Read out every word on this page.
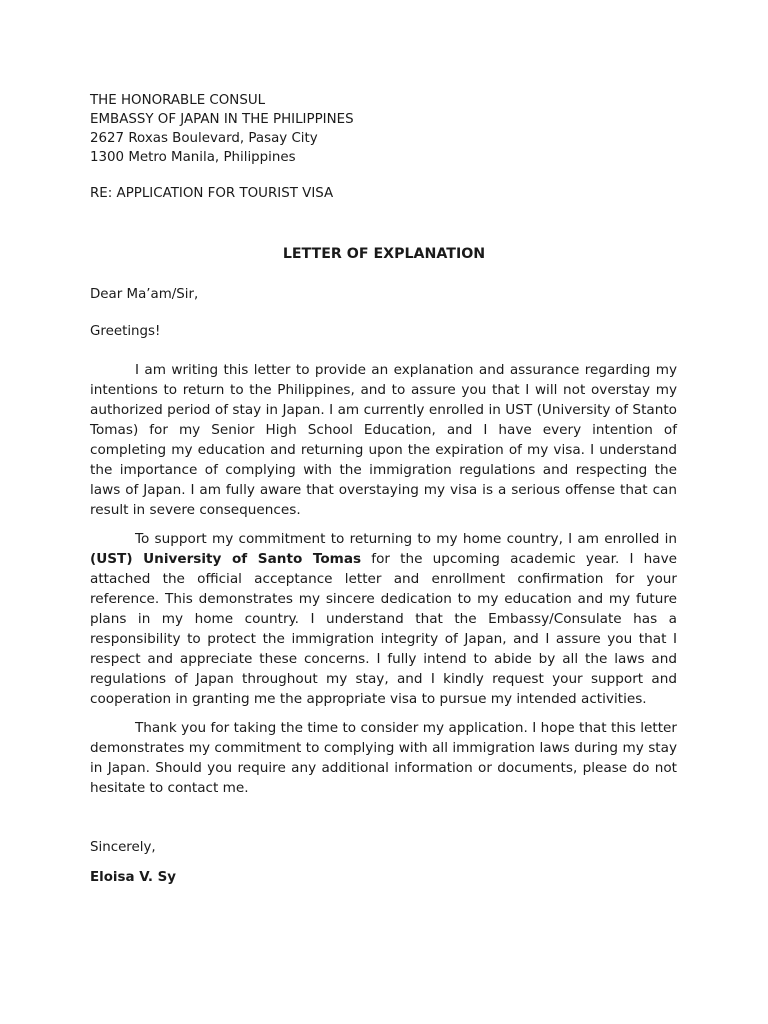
THE HONORABLE CONSUL
EMBASSY OF JAPAN IN THE PHILIPPINES
2627 Roxas Boulevard, Pasay City
1300 Metro Manila, Philippines
RE: APPLICATION FOR TOURIST VISA
LETTER OF EXPLANATION
Dear Ma’am/Sir,
Greetings!
I am writing this letter to provide an explanation and assurance regarding my intentions to return to the Philippines, and to assure you that I will not overstay my authorized period of stay in Japan. I am currently enrolled in UST (University of Stanto Tomas) for my Senior High School Education, and I have every intention of completing my education and returning upon the expiration of my visa. I understand the importance of complying with the immigration regulations and respecting the laws of Japan. I am fully aware that overstaying my visa is a serious offense that can result in severe consequences.
To support my commitment to returning to my home country, I am enrolled in (UST) University of Santo Tomas for the upcoming academic year. I have attached the official acceptance letter and enrollment confirmation for your reference. This demonstrates my sincere dedication to my education and my future plans in my home country. I understand that the Embassy/Consulate has a responsibility to protect the immigration integrity of Japan, and I assure you that I respect and appreciate these concerns. I fully intend to abide by all the laws and regulations of Japan throughout my stay, and I kindly request your support and cooperation in granting me the appropriate visa to pursue my intended activities.
Thank you for taking the time to consider my application. I hope that this letter demonstrates my commitment to complying with all immigration laws during my stay in Japan. Should you require any additional information or documents, please do not hesitate to contact me.
Sincerely,
Eloisa V. Sy
